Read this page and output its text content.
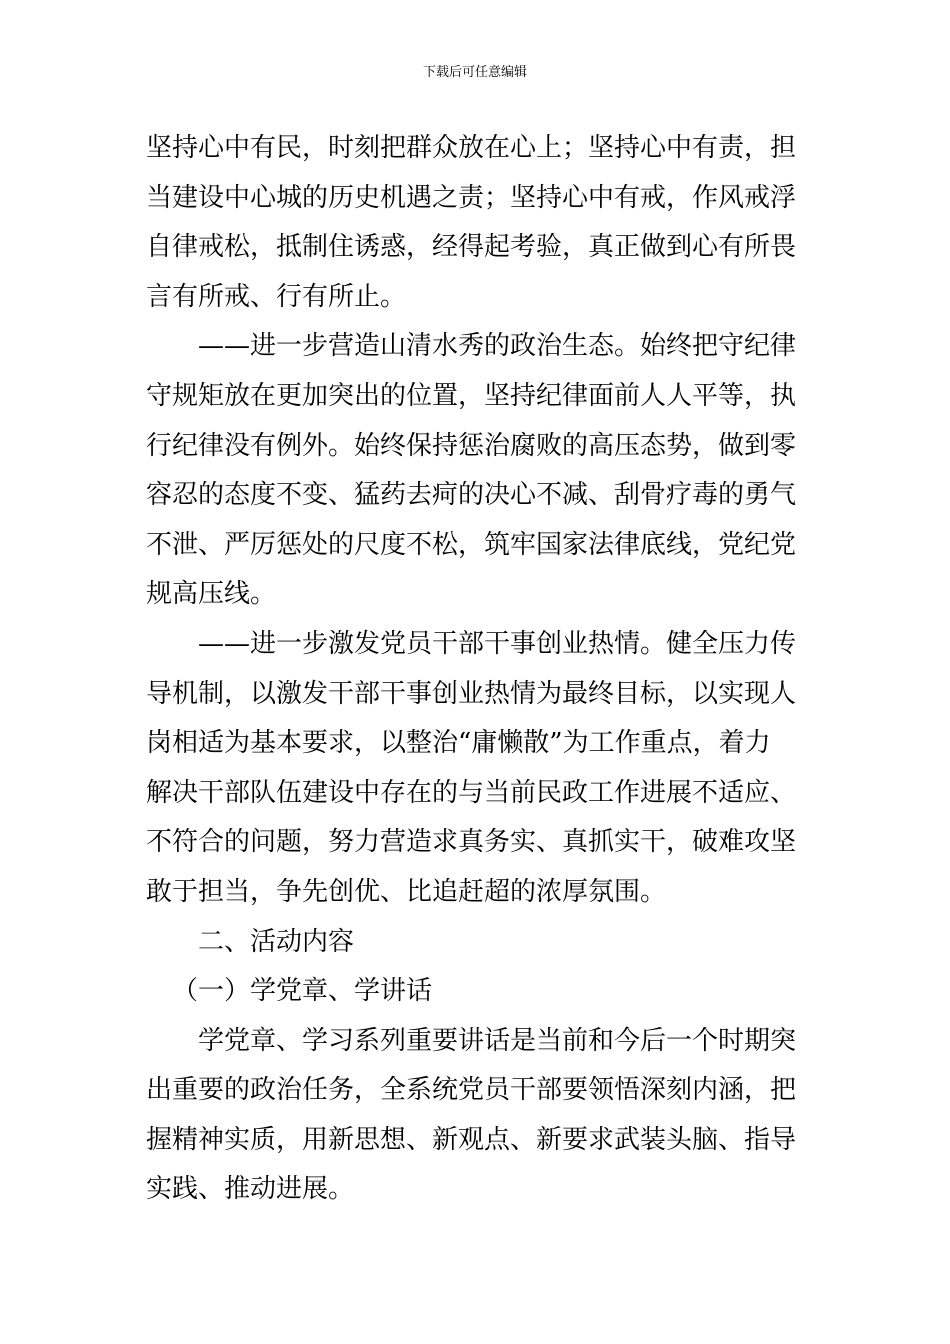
下载后可任意编辑
坚持心中有民，时刻把群众放在心上；坚持心中有责，担
当建设中心城的历史机遇之责；坚持心中有戒，作风戒浮
自律戒松，抵制住诱惑，经得起考验，真正做到心有所畏
言有所戒、行有所止。
——进一步营造山清水秀的政治生态。始终把守纪律
守规矩放在更加突出的位置，坚持纪律面前人人平等，执
行纪律没有例外。始终保持惩治腐败的高压态势，做到零
容忍的态度不变、猛药去疴的决心不减、刮骨疗毒的勇气
不泄、严厉惩处的尺度不松，筑牢国家法律底线，党纪党
规高压线。
——进一步激发党员干部干事创业热情。健全压力传
导机制，以激发干部干事创业热情为最终目标，以实现人
岗相适为基本要求，以整治“庸懒散”为工作重点，着力
解决干部队伍建设中存在的与当前民政工作进展不适应、
不符合的问题，努力营造求真务实、真抓实干，破难攻坚
敢于担当，争先创优、比追赶超的浓厚氛围。
二、活动内容
（一）学党章、学讲话
学党章、学习系列重要讲话是当前和今后一个时期突
出重要的政治任务，全系统党员干部要领悟深刻内涵，把
握精神实质，用新思想、新观点、新要求武装头脑、指导
实践、推动进展。
